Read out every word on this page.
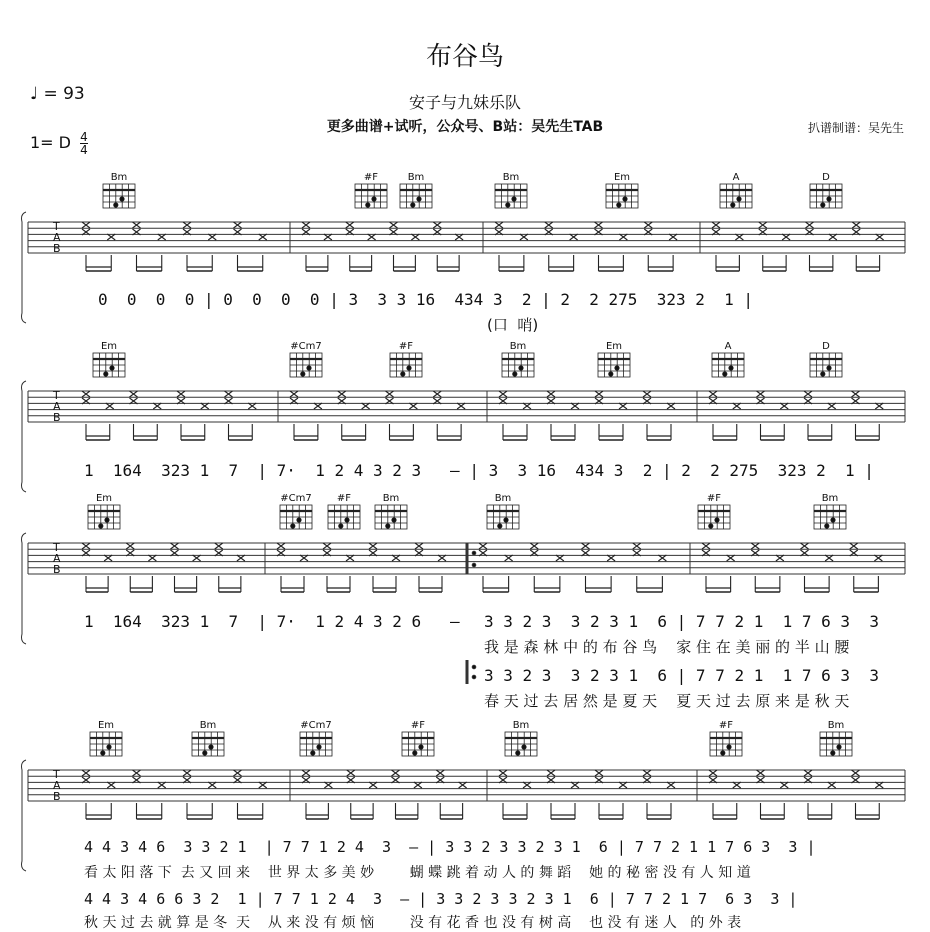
布谷鸟
♩ = 93
1= D $\frac{4}{4}$
安子与九妹乐队
更多曲谱+试听，公众号、B站：吴先生TAB	扒谱制谱：吴先生
T
A
B
Bm	#F	Bm	Bm	Em	A	D
T
A
B
Em	#Cm7	#F	Bm	Em	A	D
T
A
B
Em	#Cm7	#F	Bm	Bm	#F	Bm
T
A
B
Em	Bm	#Cm7	#F	Bm	#F	Bm
0  0  0  0 | 0  0  0  0 | 3  3 3 16  434 3  2 | 2  2 275  323 2  1 |
(口  哨)
1  164  323 1  7  | 7·  1 2 4 3 2 3   — | 3  3 16  434 3  2 | 2  2 275  323 2  1 |
1  164  323 1  7  | 7·  1 2 4 3 2 6   — 3 3 2 3  3 2 3 1  6 | 7 7 2 1  1 7 6 3  3
我 是 森 林 中 的 布 谷 鸟    家 住 在 美 丽 的 半 山 腰
3 3 2 3  3 2 3 1  6 | 7 7 2 1  1 7 6 3  3
春 天 过 去 居 然 是 夏 天    夏 天 过 去 原 来 是 秋 天
4 4 3 4 6  3 3 2 1  | 7 7 1 2 4  3  — | 3 3 2 3 3 2 3 1  6 | 7 7 2 1 1 7 6 3  3 |
看 太 阳 落 下  去 又 回 来    世 界 太 多 美 妙        蝴 蝶 跳 着 动 人 的 舞 蹈    她 的 秘 密 没 有 人 知 道
4 4 3 4 6 6 3 2  1 | 7 7 1 2 4  3  — | 3 3 2 3 3 2 3 1  6 | 7 7 2 1 7  6 3  3 |
秋 天 过 去 就 算 是 冬  天    从 来 没 有 烦 恼        没 有 花 香 也 没 有 树 高    也 没 有 迷 人   的 外 表
